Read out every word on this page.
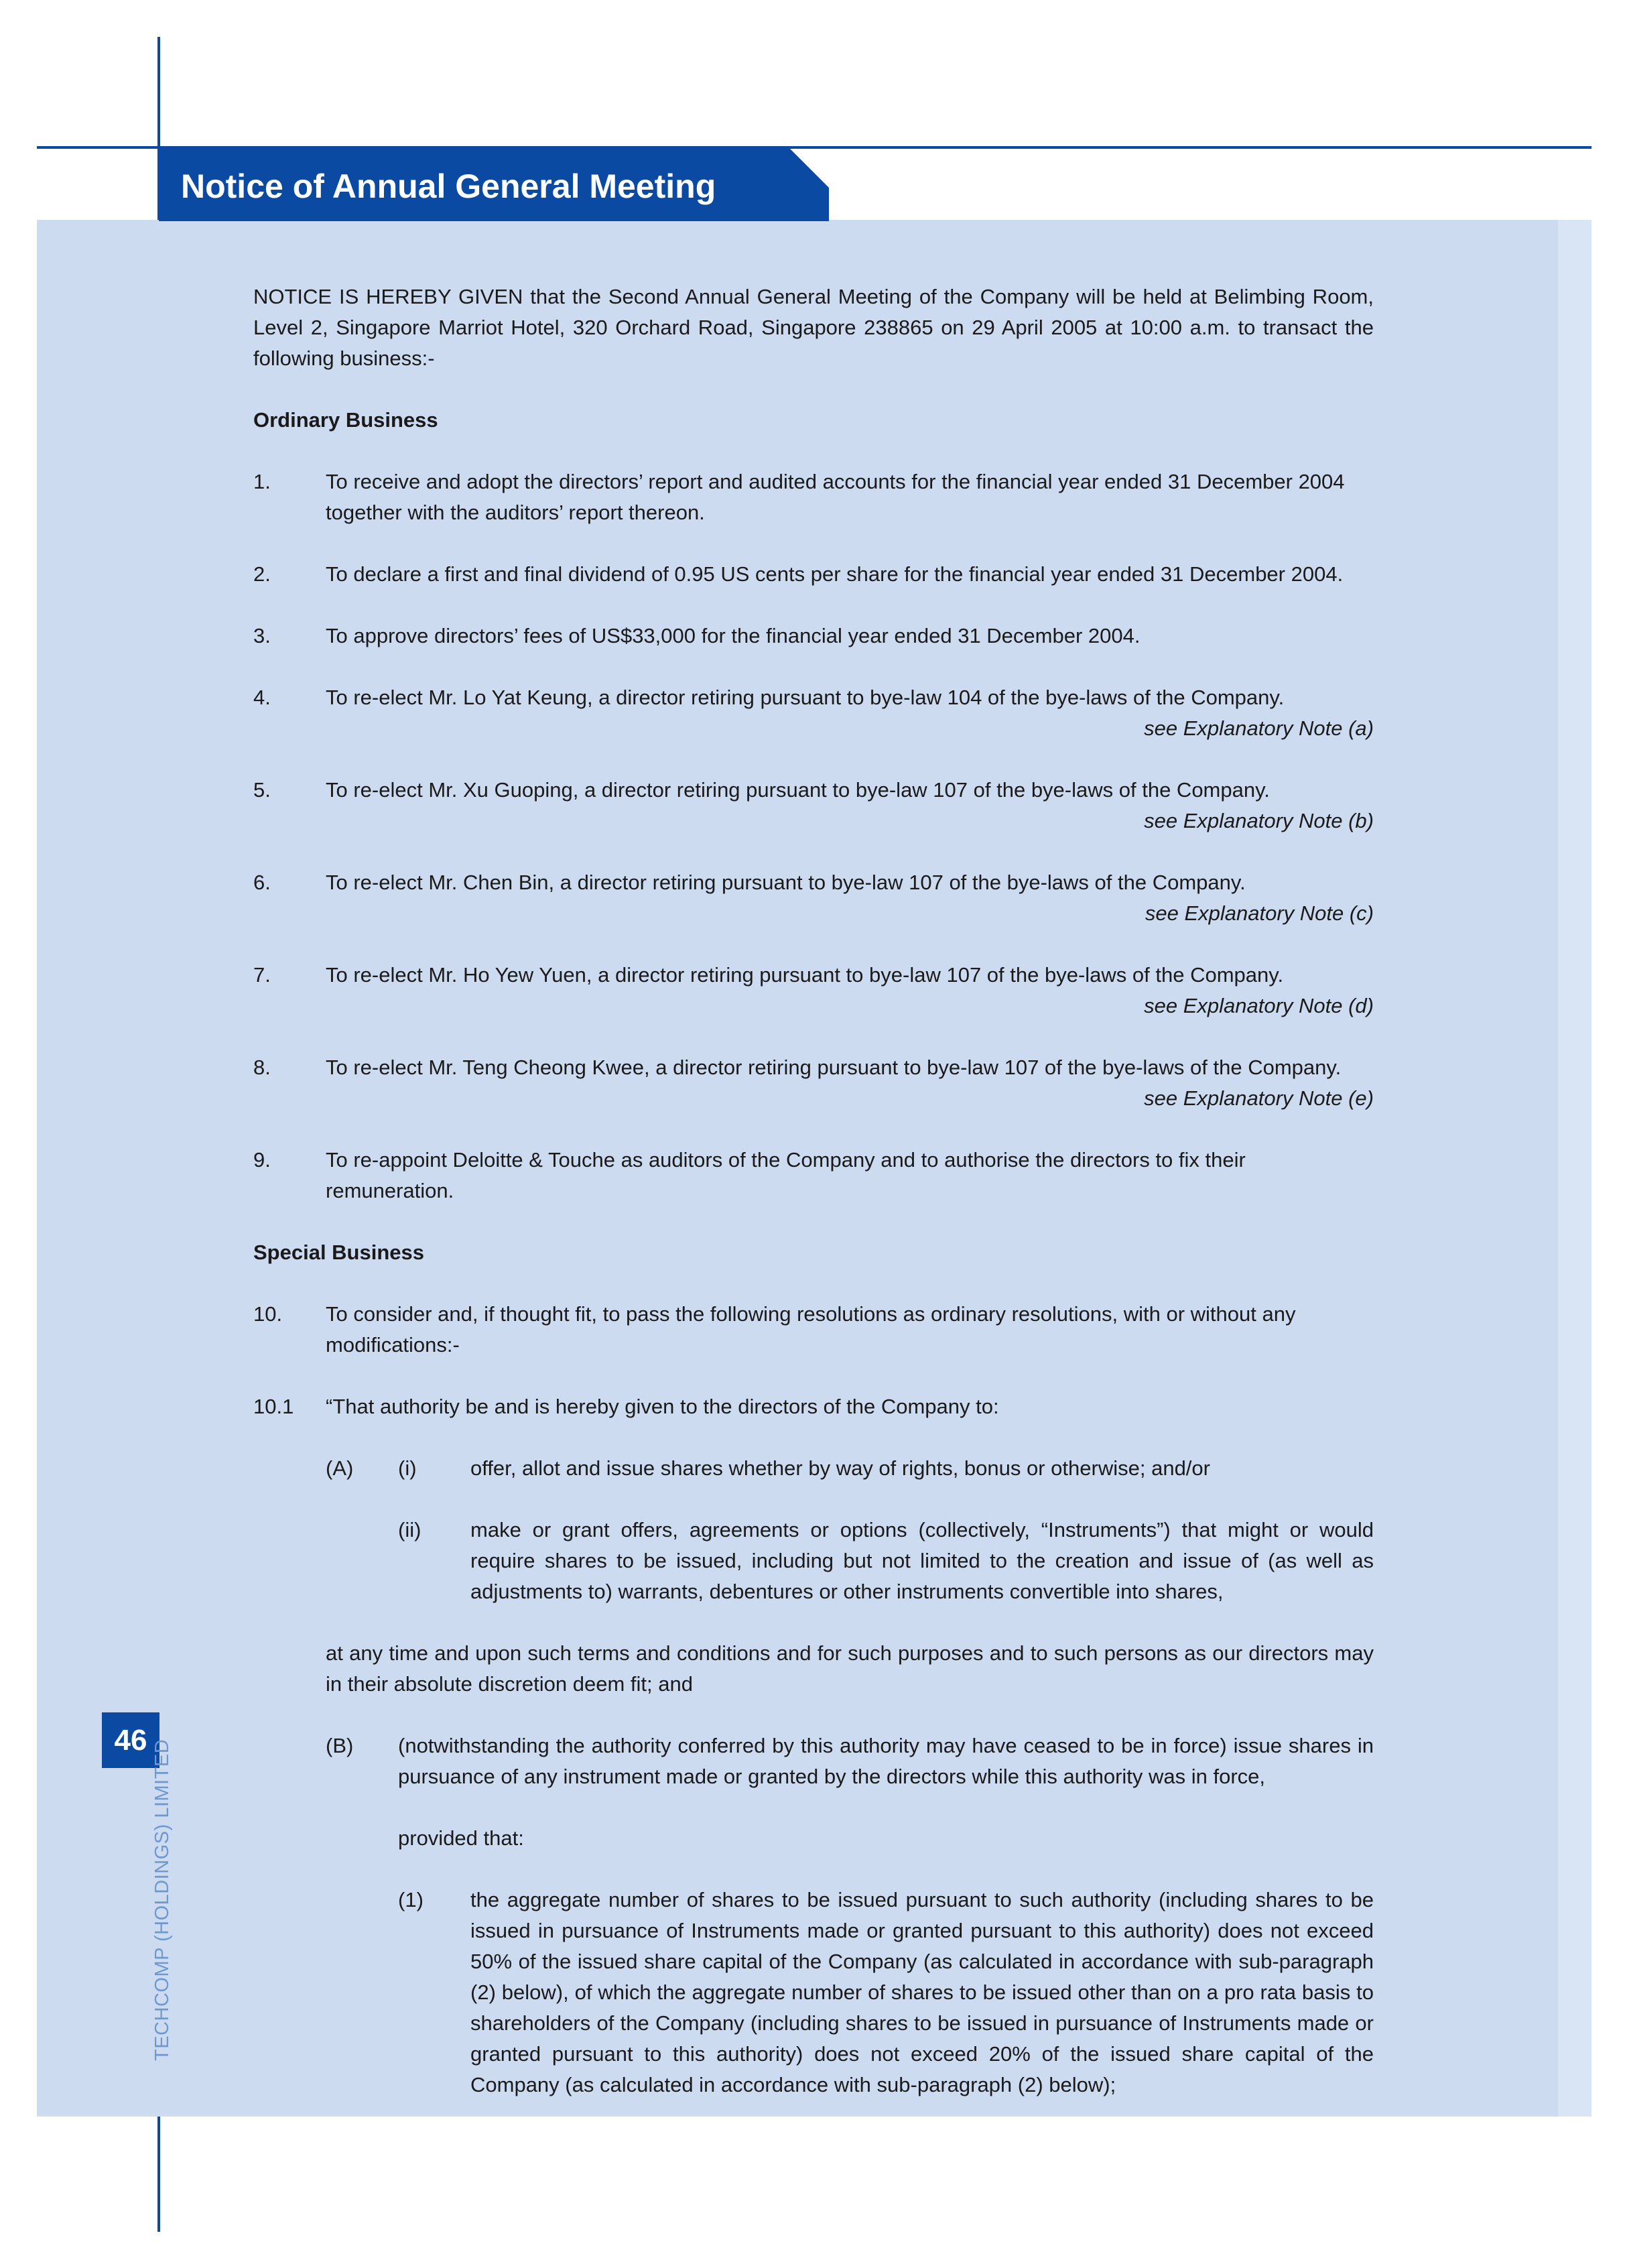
Notice of Annual General Meeting
46 TECHCOMP (HOLDINGS) LIMITED

NOTICE IS HEREBY GIVEN that the Second Annual General Meeting of the Company will be held at Belimbing Room, Level 2, Singapore Marriot Hotel, 320 Orchard Road, Singapore 238865 on 29 April 2005 at 10:00 a.m. to transact the following business:-

Ordinary Business
1.	To receive and adopt the directors’ report and audited accounts for the financial year ended 31 December 2004 together with the auditors’ report thereon.
2.	To declare a first and final dividend of 0.95 US cents per share for the financial year ended 31 December 2004.
3.	To approve directors’ fees of US$33,000 for the financial year ended 31 December 2004.
4.	To re-elect Mr. Lo Yat Keung, a director retiring pursuant to bye-law 104 of the bye-laws of the Company.
see Explanatory Note (a)
5.	To re-elect Mr. Xu Guoping, a director retiring pursuant to bye-law 107 of the bye-laws of the Company.
see Explanatory Note (b)
6.	To re-elect Mr. Chen Bin, a director retiring pursuant to bye-law 107 of the bye-laws of the Company.
see Explanatory Note (c)
7.	To re-elect Mr. Ho Yew Yuen, a director retiring pursuant to bye-law 107 of the bye-laws of the Company.
see Explanatory Note (d)
8.	To re-elect Mr. Teng Cheong Kwee, a director retiring pursuant to bye-law 107 of the bye-laws of the Company.
see Explanatory Note (e)
9.	To re-appoint Deloitte & Touche as auditors of the Company and to authorise the directors to fix their remuneration.
Special Business
10.	To consider and, if thought fit, to pass the following resolutions as ordinary resolutions, with or without any modifications:-
10.1	“That authority be and is hereby given to the directors of the Company to:
(A)	(i)	offer, allot and issue shares whether by way of rights, bonus or otherwise; and/or
(ii)	make or grant offers, agreements or options (collectively, “Instruments”) that might or would require shares to be issued, including but not limited to the creation and issue of (as well as adjustments to) warrants, debentures or other instruments convertible into shares,
at any time and upon such terms and conditions and for such purposes and to such persons as our directors may in their absolute discretion deem fit; and
(B)	(notwithstanding the authority conferred by this authority may have ceased to be in force) issue shares in pursuance of any instrument made or granted by the directors while this authority was in force,
provided that:
(1)	the aggregate number of shares to be issued pursuant to such authority (including shares to be issued in pursuance of Instruments made or granted pursuant to this authority) does not exceed 50% of the issued share capital of the Company (as calculated in accordance with sub-paragraph (2) below), of which the aggregate number of shares to be issued other than on a pro rata basis to shareholders of the Company (including shares to be issued in pursuance of Instruments made or granted pursuant to this authority) does not exceed 20% of the issued share capital of the Company (as calculated in accordance with sub-paragraph (2) below);
